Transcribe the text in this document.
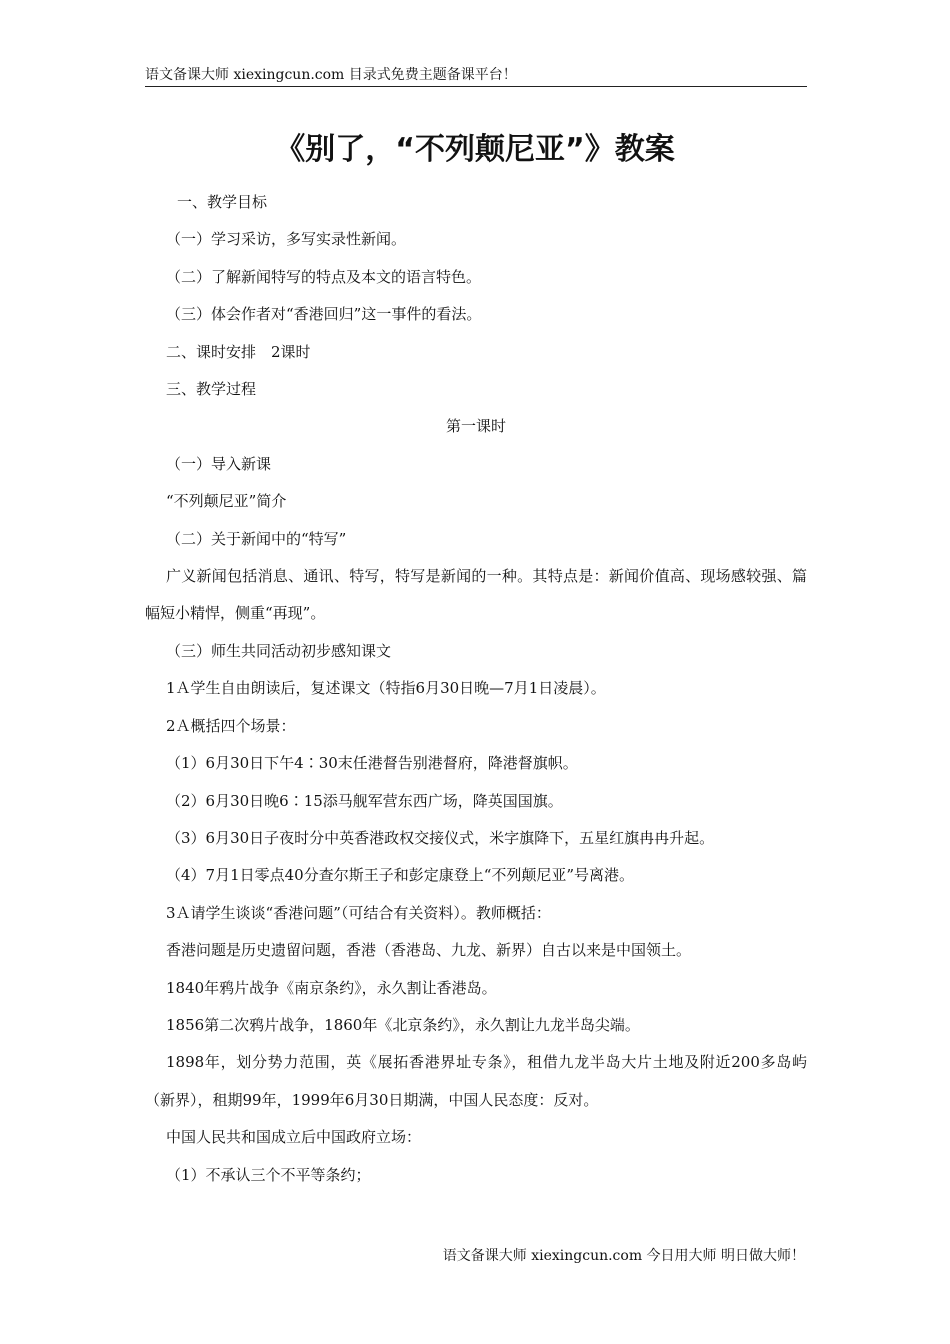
语文备课大师 xiexingcun.com 目录式免费主题备课平台！
《别了，“不列颠尼亚”》教案

一、教学目标

（一）学习采访，多写实录性新闻。

（二）了解新闻特写的特点及本文的语言特色。

（三）体会作者对“香港回归”这一事件的看法。

二、课时安排　2课时

三、教学过程

第一课时

（一）导入新课

“不列颠尼亚”简介

（二）关于新闻中的“特写”

广义新闻包括消息、通讯、特写，特写是新闻的一种。其特点是：新闻价值高、现场感较强、篇幅短小精悍，侧重“再现”。

（三）师生共同活动初步感知课文

1Ａ学生自由朗读后，复述课文（特指6月30日晚—7月1日凌晨）。

2Ａ概括四个场景：

（1）6月30日下午4∶30末任港督告别港督府，降港督旗帜。

（2）6月30日晚6∶15添马舰军营东西广场，降英国国旗。

（3）6月30日子夜时分中英香港政权交接仪式，米字旗降下，五星红旗冉冉升起。

（4）7月1日零点40分查尔斯王子和彭定康登上“不列颠尼亚”号离港。

3Ａ请学生谈谈“香港问题”（可结合有关资料）。教师概括：

香港问题是历史遗留问题，香港（香港岛、九龙、新界）自古以来是中国领土。

1840年鸦片战争《南京条约》，永久割让香港岛。

1856第二次鸦片战争，1860年《北京条约》，永久割让九龙半岛尖端。

1898年，划分势力范围，英《展拓香港界址专条》，租借九龙半岛大片土地及附近200多岛屿（新界），租期99年，1999年6月30日期满，中国人民态度：反对。

中国人民共和国成立后中国政府立场：

（1）不承认三个不平等条约；

语文备课大师 xiexingcun.com 今日用大师 明日做大师！
